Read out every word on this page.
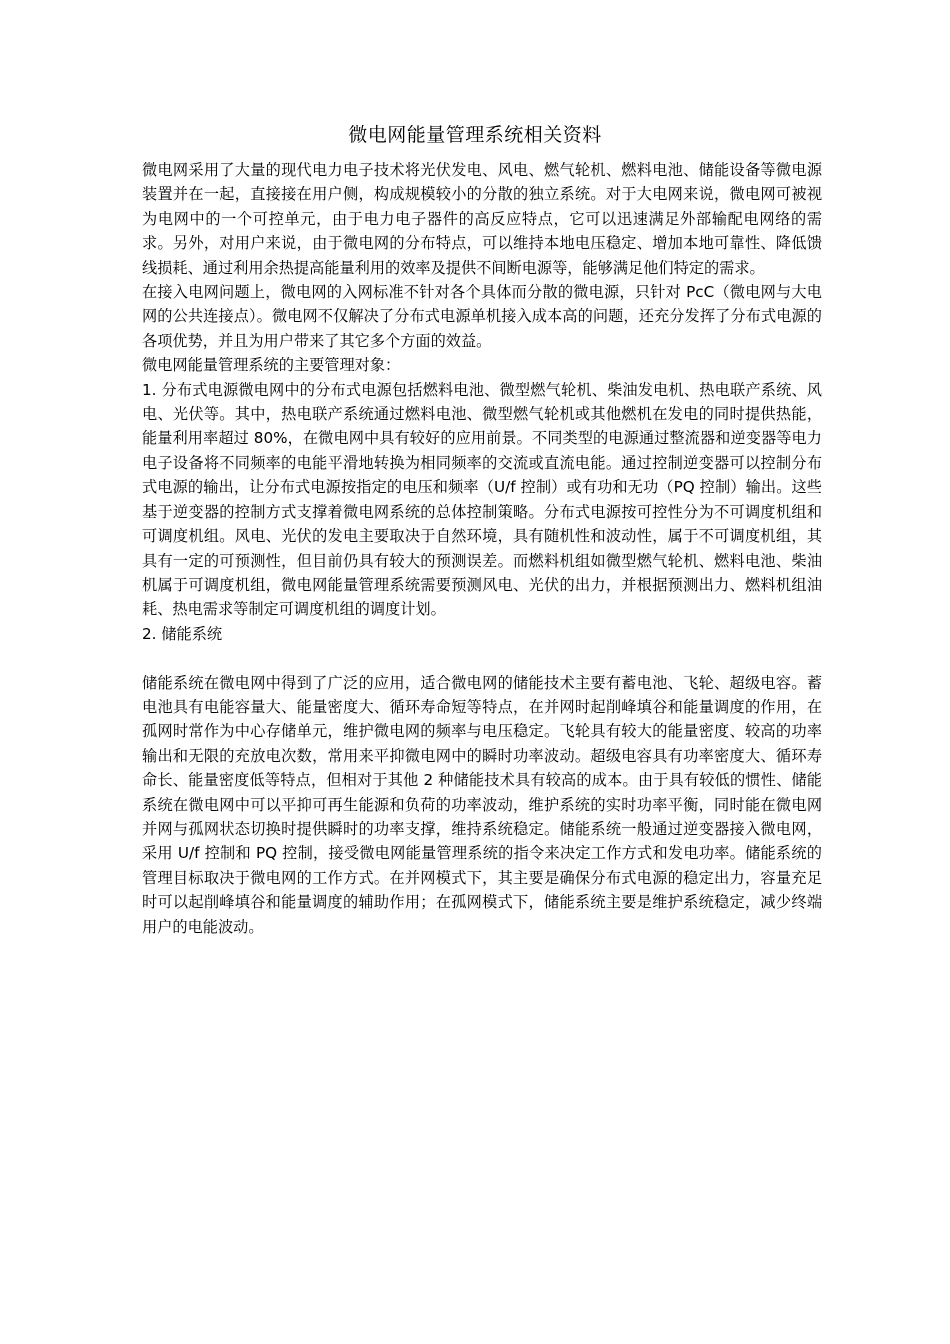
微电网能量管理系统相关资料

微电网采用了大量的现代电力电子技术将光伏发电、风电、燃气轮机、燃料电池、储能设备等微电源装置并在一起，直接接在用户侧，构成规模较小的分散的独立系统。对于大电网来说，微电网可被视为电网中的一个可控单元，由于电力电子器件的高反应特点，它可以迅速满足外部输配电网络的需求。另外，对用户来说，由于微电网的分布特点，可以维持本地电压稳定、增加本地可靠性、降低馈线损耗、通过利用余热提高能量利用的效率及提供不间断电源等，能够满足他们特定的需求。

在接入电网问题上，微电网的入网标准不针对各个具体而分散的微电源，只针对 PcC（微电网与大电网的公共连接点）。微电网不仅解决了分布式电源单机接入成本高的问题，还充分发挥了分布式电源的各项优势，并且为用户带来了其它多个方面的效益。

微电网能量管理系统的主要管理对象：

1. 分布式电源微电网中的分布式电源包括燃料电池、微型燃气轮机、柴油发电机、热电联产系统、风电、光伏等。其中，热电联产系统通过燃料电池、微型燃气轮机或其他燃机在发电的同时提供热能，能量利用率超过 80%，在微电网中具有较好的应用前景。不同类型的电源通过整流器和逆变器等电力电子设备将不同频率的电能平滑地转换为相同频率的交流或直流电能。通过控制逆变器可以控制分布式电源的输出，让分布式电源按指定的电压和频率（U/f 控制）或有功和无功（PQ 控制）输出。这些基于逆变器的控制方式支撑着微电网系统的总体控制策略。分布式电源按可控性分为不可调度机组和可调度机组。风电、光伏的发电主要取决于自然环境，具有随机性和波动性，属于不可调度机组，其具有一定的可预测性，但目前仍具有较大的预测误差。而燃料机组如微型燃气轮机、燃料电池、柴油机属于可调度机组，微电网能量管理系统需要预测风电、光伏的出力，并根据预测出力、燃料机组油耗、热电需求等制定可调度机组的调度计划。

2. 储能系统

储能系统在微电网中得到了广泛的应用，适合微电网的储能技术主要有蓄电池、飞轮、超级电容。蓄电池具有电能容量大、能量密度大、循环寿命短等特点，在并网时起削峰填谷和能量调度的作用，在孤网时常作为中心存储单元，维护微电网的频率与电压稳定。飞轮具有较大的能量密度、较高的功率输出和无限的充放电次数，常用来平抑微电网中的瞬时功率波动。超级电容具有功率密度大、循环寿命长、能量密度低等特点，但相对于其他 2 种储能技术具有较高的成本。由于具有较低的惯性、储能系统在微电网中可以平抑可再生能源和负荷的功率波动，维护系统的实时功率平衡，同时能在微电网并网与孤网状态切换时提供瞬时的功率支撑，维持系统稳定。储能系统一般通过逆变器接入微电网，采用 U/f 控制和 PQ 控制，接受微电网能量管理系统的指令来决定工作方式和发电功率。储能系统的管理目标取决于微电网的工作方式。在并网模式下，其主要是确保分布式电源的稳定出力，容量充足时可以起削峰填谷和能量调度的辅助作用；在孤网模式下，储能系统主要是维护系统稳定，减少终端用户的电能波动。
